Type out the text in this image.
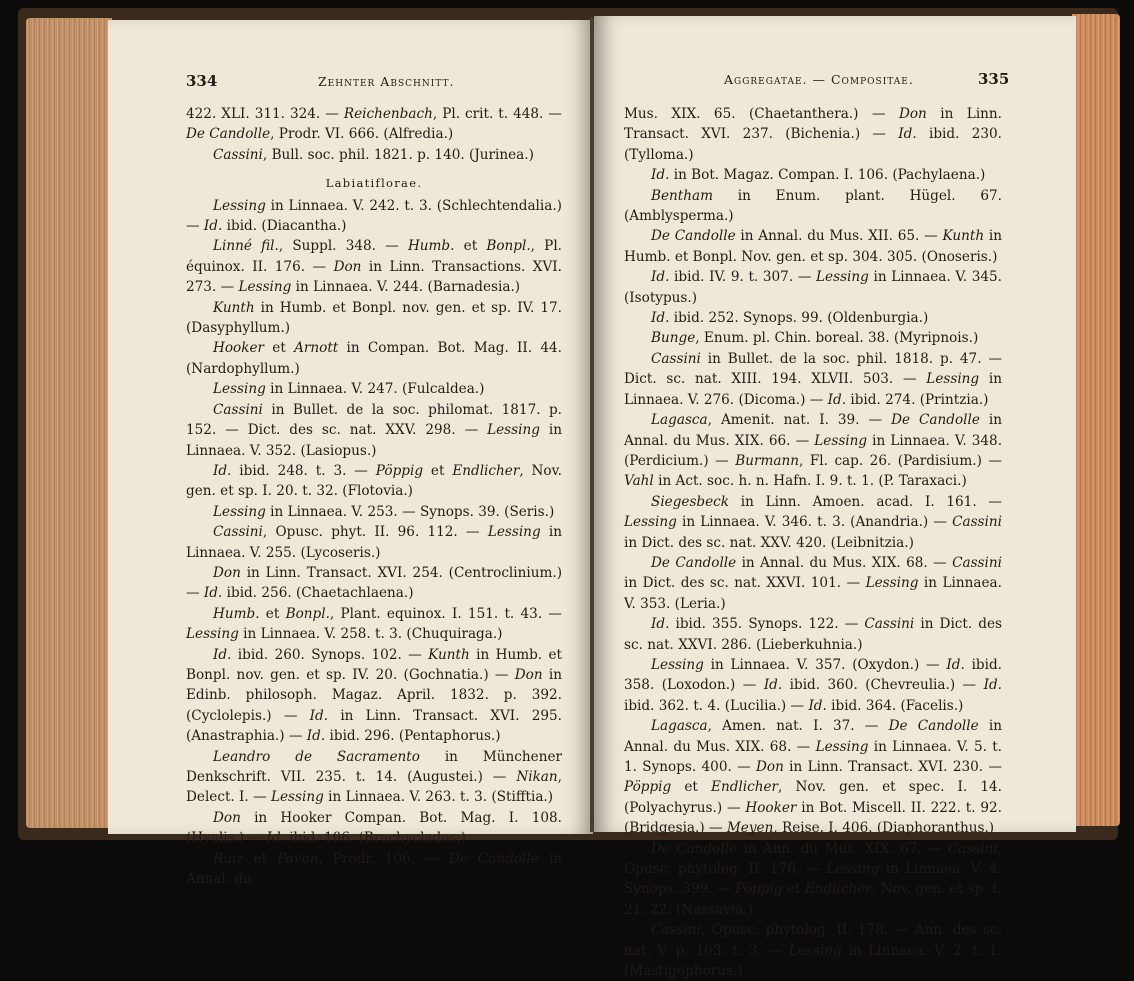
334	Zehnter Abschnitt.

422. XLI. 311. 324. — Reichenbach, Pl. crit. t. 448. — De Candolle, Prodr. VI. 666. (Alfredia.)

Cassini, Bull. soc. phil. 1821. p. 140. (Jurinea.)

Labiatiflorae.

Lessing in Linnaea. V. 242. t. 3. (Schlechtendalia.) — Id. ibid. (Diacantha.)

Linné fil., Suppl. 348. — Humb. et Bonpl., Pl. équinox. II. 176. — Don in Linn. Transactions. XVI. 273. — Lessing in Linnaea. V. 244. (Barnadesia.)

Kunth in Humb. et Bonpl. nov. gen. et sp. IV. 17. (Dasyphyllum.)

Hooker et Arnott in Compan. Bot. Mag. II. 44. (Nardophyllum.)

Lessing in Linnaea. V. 247. (Fulcaldea.)

Cassini in Bullet. de la soc. philomat. 1817. p. 152. — Dict. des sc. nat. XXV. 298. — Lessing in Linnaea. V. 352. (Lasiopus.)

Id. ibid. 248. t. 3. — Pöppig et Endlicher, Nov. gen. et sp. I. 20. t. 32. (Flotovia.)

Lessing in Linnaea. V. 253. — Synops. 39. (Seris.)

Cassini, Opusc. phyt. II. 96. 112. — Lessing in Linnaea. V. 255. (Lycoseris.)

Don in Linn. Transact. XVI. 254. (Centroclinium.) — Id. ibid. 256. (Chaetachlaena.)

Humb. et Bonpl., Plant. equinox. I. 151. t. 43. — Lessing in Linnaea. V. 258. t. 3. (Chuquiraga.)

Id. ibid. 260. Synops. 102. — Kunth in Humb. et Bonpl. nov. gen. et sp. IV. 20. (Gochnatia.) — Don in Edinb. philosoph. Magaz. April. 1832. p. 392. (Cyclolepis.) — Id. in Linn. Transact. XVI. 295. (Anastraphia.) — Id. ibid. 296. (Pentaphorus.)

Leandro de Sacramento in Münchener Denkschrift. VII. 235. t. 14. (Augustei.) — Nikan, Delect. I. — Lessing in Linnaea. V. 263. t. 3. (Stifftia.)

Don in Hooker Compan. Bot. Mag. I. 108. (Hyalis.) — Id. ibid. 106. (Brachyclados.)

Ruiz et Pavon, Prodr. 106. — De Candolle in Annal. du

Aggregatae. — Compositae.	335

Mus. XIX. 65. (Chaetanthera.) — Don in Linn. Transact. XVI. 237. (Bichenia.) — Id. ibid. 230. (Tylloma.)

Id. in Bot. Magaz. Compan. I. 106. (Pachylaena.)

Bentham in Enum. plant. Hügel. 67. (Amblysperma.)

De Candolle in Annal. du Mus. XII. 65. — Kunth in Humb. et Bonpl. Nov. gen. et sp. 304. 305. (Onoseris.)

Id. ibid. IV. 9. t. 307. — Lessing in Linnaea. V. 345. (Isotypus.)

Id. ibid. 252. Synops. 99. (Oldenburgia.)

Bunge, Enum. pl. Chin. boreal. 38. (Myripnois.)

Cassini in Bullet. de la soc. phil. 1818. p. 47. — Dict. sc. nat. XIII. 194. XLVII. 503. — Lessing in Linnaea. V. 276. (Dicoma.) — Id. ibid. 274. (Printzia.)

Lagasca, Amenit. nat. I. 39. — De Candolle in Annal. du Mus. XIX. 66. — Lessing in Linnaea. V. 348. (Perdicium.) — Burmann, Fl. cap. 26. (Pardisium.) — Vahl in Act. soc. h. n. Hafn. I. 9. t. 1. (P. Taraxaci.)

Siegesbeck in Linn. Amoen. acad. I. 161. — Lessing in Linnaea. V. 346. t. 3. (Anandria.) — Cassini in Dict. des sc. nat. XXV. 420. (Leibnitzia.)

De Candolle in Annal. du Mus. XIX. 68. — Cassini in Dict. des sc. nat. XXVI. 101. — Lessing in Linnaea. V. 353. (Leria.)

Id. ibid. 355. Synops. 122. — Cassini in Dict. des sc. nat. XXVI. 286. (Lieberkuhnia.)

Lessing in Linnaea. V. 357. (Oxydon.) — Id. ibid. 358. (Loxodon.) — Id. ibid. 360. (Chevreulia.) — Id. ibid. 362. t. 4. (Lucilia.) — Id. ibid. 364. (Facelis.)

Lagasca, Amen. nat. I. 37. — De Candolle in Annal. du Mus. XIX. 68. — Lessing in Linnaea. V. 5. t. 1. Synops. 400. — Don in Linn. Transact. XVI. 230. — Pöppig et Endlicher, Nov. gen. et spec. I. 14. (Polyachyrus.) — Hooker in Bot. Miscell. II. 222. t. 92. (Bridgesia.) — Meyen, Reise. I. 406. (Diaphoranthus.)

De Candolle in Ann. du Mus. XIX. 67. — Cassini, Opusc. phytolog. II. 176. — Lessing in Linnaea. V. 4. Synops. 399. — Pöppig et Endlicher, Nov. gen. et sp. t. 21. 22. (Nassavia.)

Cassini, Opusc. phytolog. II. 178. — Ann. des sc. nat. V. p. 103. t. 3. — Lessing in Linnaea. V. 2. t. 1. (Mastigophorus.)
